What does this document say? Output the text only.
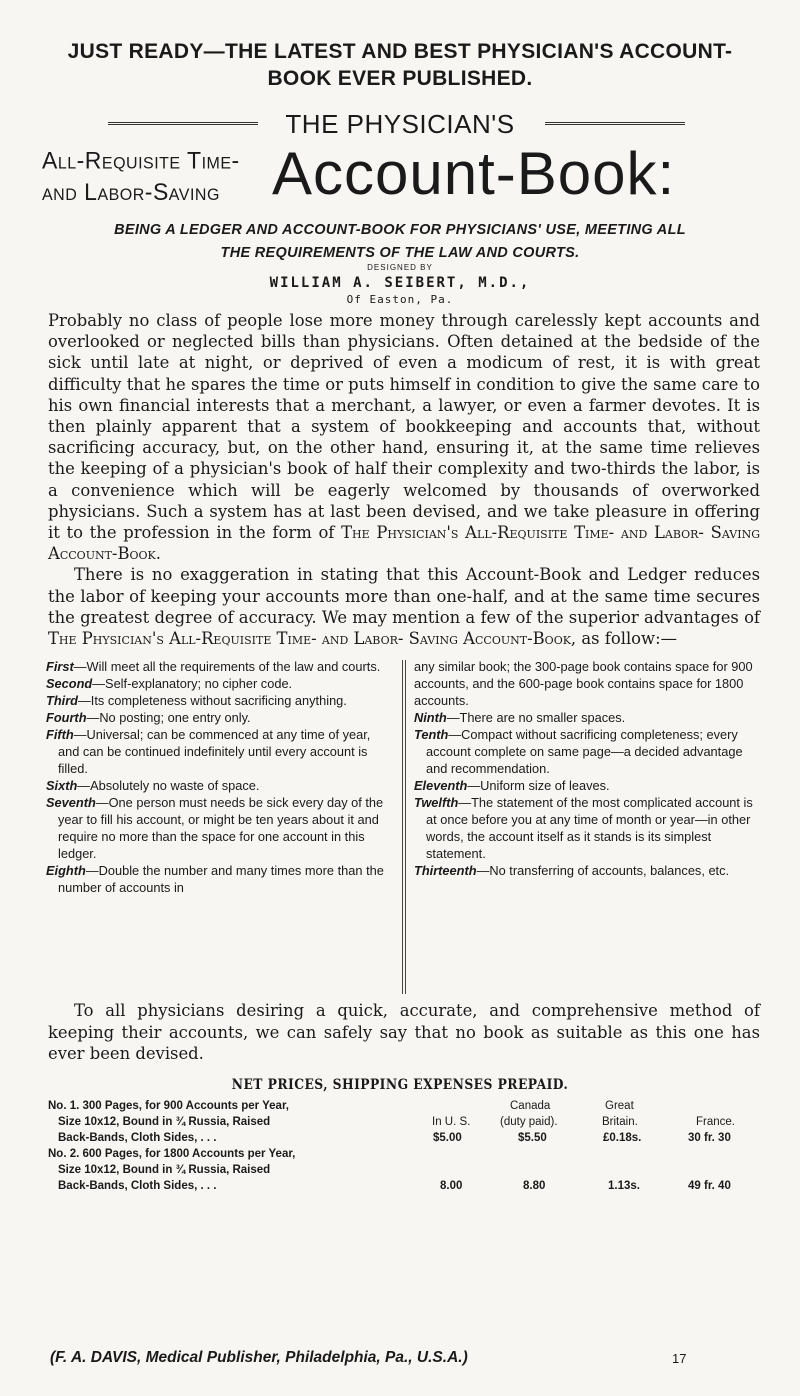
JUST READY—THE LATEST AND BEST PHYSICIAN'S ACCOUNT-
BOOK EVER PUBLISHED.
THE PHYSICIAN'S
All-Requisite Time-
and Labor-Saving Account-Book:
BEING A LEDGER AND ACCOUNT-BOOK FOR PHYSICIANS' USE, MEETING ALL
THE REQUIREMENTS OF THE LAW AND COURTS.
DESIGNED BY
WILLIAM A. SEIBERT, M.D.,
Of Easton, Pa.

Probably no class of people lose more money through carelessly kept accounts and overlooked or neglected bills than physicians. Often detained at the bedside of the sick until late at night, or deprived of even a modicum of rest, it is with great difficulty that he spares the time or puts himself in condition to give the same care to his own financial interests that a merchant, a lawyer, or even a farmer devotes. It is then plainly apparent that a system of bookkeeping and accounts that, without sacrificing accuracy, but, on the other hand, ensuring it, at the same time relieves the keeping of a physician's book of half their complexity and two-thirds the labor, is a convenience which will be eagerly welcomed by thousands of overworked physicians. Such a system has at last been devised, and we take pleasure in offering it to the profession in the form of The Physician's All-Requisite Time- and Labor- Saving Account-Book.

There is no exaggeration in stating that this Account-Book and Ledger reduces the labor of keeping your accounts more than one-half, and at the same time secures the greatest degree of accuracy. We may mention a few of the superior advantages of The Physician's All-Requisite Time- and Labor- Saving Account-Book, as follow:—

First—Will meet all the requirements of the law and courts.

Second—Self-explanatory; no cipher code.

Third—Its completeness without sacrificing anything.

Fourth—No posting; one entry only.

Fifth—Universal; can be commenced at any time of year, and can be continued indefinitely until every account is filled.

Sixth—Absolutely no waste of space.

Seventh—One person must needs be sick every day of the year to fill his account, or might be ten years about it and require no more than the space for one account in this ledger.

Eighth—Double the number and many times more than the number of accounts in

any similar book; the 300-page book contains space for 900 accounts, and the 600-page book contains space for 1800 accounts.

Ninth—There are no smaller spaces.

Tenth—Compact without sacrificing completeness; every account complete on same page—a decided advantage and recommendation.

Eleventh—Uniform size of leaves.

Twelfth—The statement of the most complicated account is at once before you at any time of month or year—in other words, the account itself as it stands is its simplest statement.

Thirteenth—No transferring of accounts, balances, etc.

To all physicians desiring a quick, accurate, and comprehensive method of keeping their accounts, we can safely say that no book as suitable as this one has ever been devised.

NET PRICES, SHIPPING EXPENSES PREPAID.
No. 1. 300 Pages, for 900 Accounts per Year,	Canada	Great
Size 10x12, Bound in ¾ Russia, Raised	In U. S.	(duty paid).	Britain.	France.
Back-Bands, Cloth Sides, . . .	$5.00	$5.50	£0.18s.	30 fr. 30
No. 2. 600 Pages, for 1800 Accounts per Year,
Size 10x12, Bound in ¾ Russia, Raised
Back-Bands, Cloth Sides, . . .	8.00	8.80	1.13s.	49 fr. 40
(F. A. DAVIS, Medical Publisher, Philadelphia, Pa., U.S.A.)	17
